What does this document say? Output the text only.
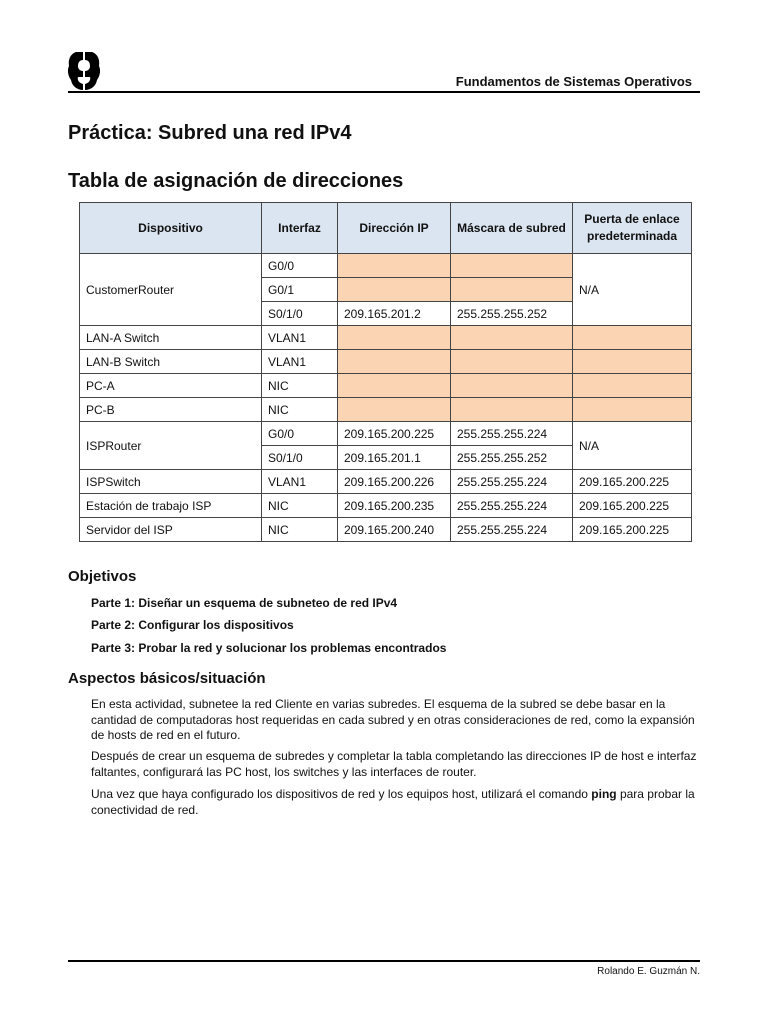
Fundamentos de Sistemas Operativos
Práctica: Subred una red IPv4
Tabla de asignación de direcciones
Dispositivo	Interfaz	Dirección IP	Máscara de subred	Puerta de enlace predeterminada
CustomerRouter	G0/0			N/A
	G0/1			
	S0/1/0	209.165.201.2	255.255.255.252	
LAN-A Switch	VLAN1			
LAN-B Switch	VLAN1			
PC-A	NIC			
PC-B	NIC			
ISPRouter	G0/0	209.165.200.225	255.255.255.224	N/A
	S0/1/0	209.165.201.1	255.255.255.252	
ISPSwitch	VLAN1	209.165.200.226	255.255.255.224	209.165.200.225
Estación de trabajo ISP	NIC	209.165.200.235	255.255.255.224	209.165.200.225
Servidor del ISP	NIC	209.165.200.240	255.255.255.224	209.165.200.225
Objetivos
Parte 1: Diseñar un esquema de subneteo de red IPv4
Parte 2: Configurar los dispositivos
Parte 3: Probar la red y solucionar los problemas encontrados
Aspectos básicos/situación

En esta actividad, subnetee la red Cliente en varias subredes. El esquema de la subred se debe basar en la cantidad de computadoras host requeridas en cada subred y en otras consideraciones de red, como la expansión de hosts de red en el futuro.

Después de crear un esquema de subredes y completar la tabla completando las direcciones IP de host e interfaz faltantes, configurará las PC host, los switches y las interfaces de router.

Una vez que haya configurado los dispositivos de red y los equipos host, utilizará el comando ping para probar la conectividad de red.

Rolando E. Guzmán N.
